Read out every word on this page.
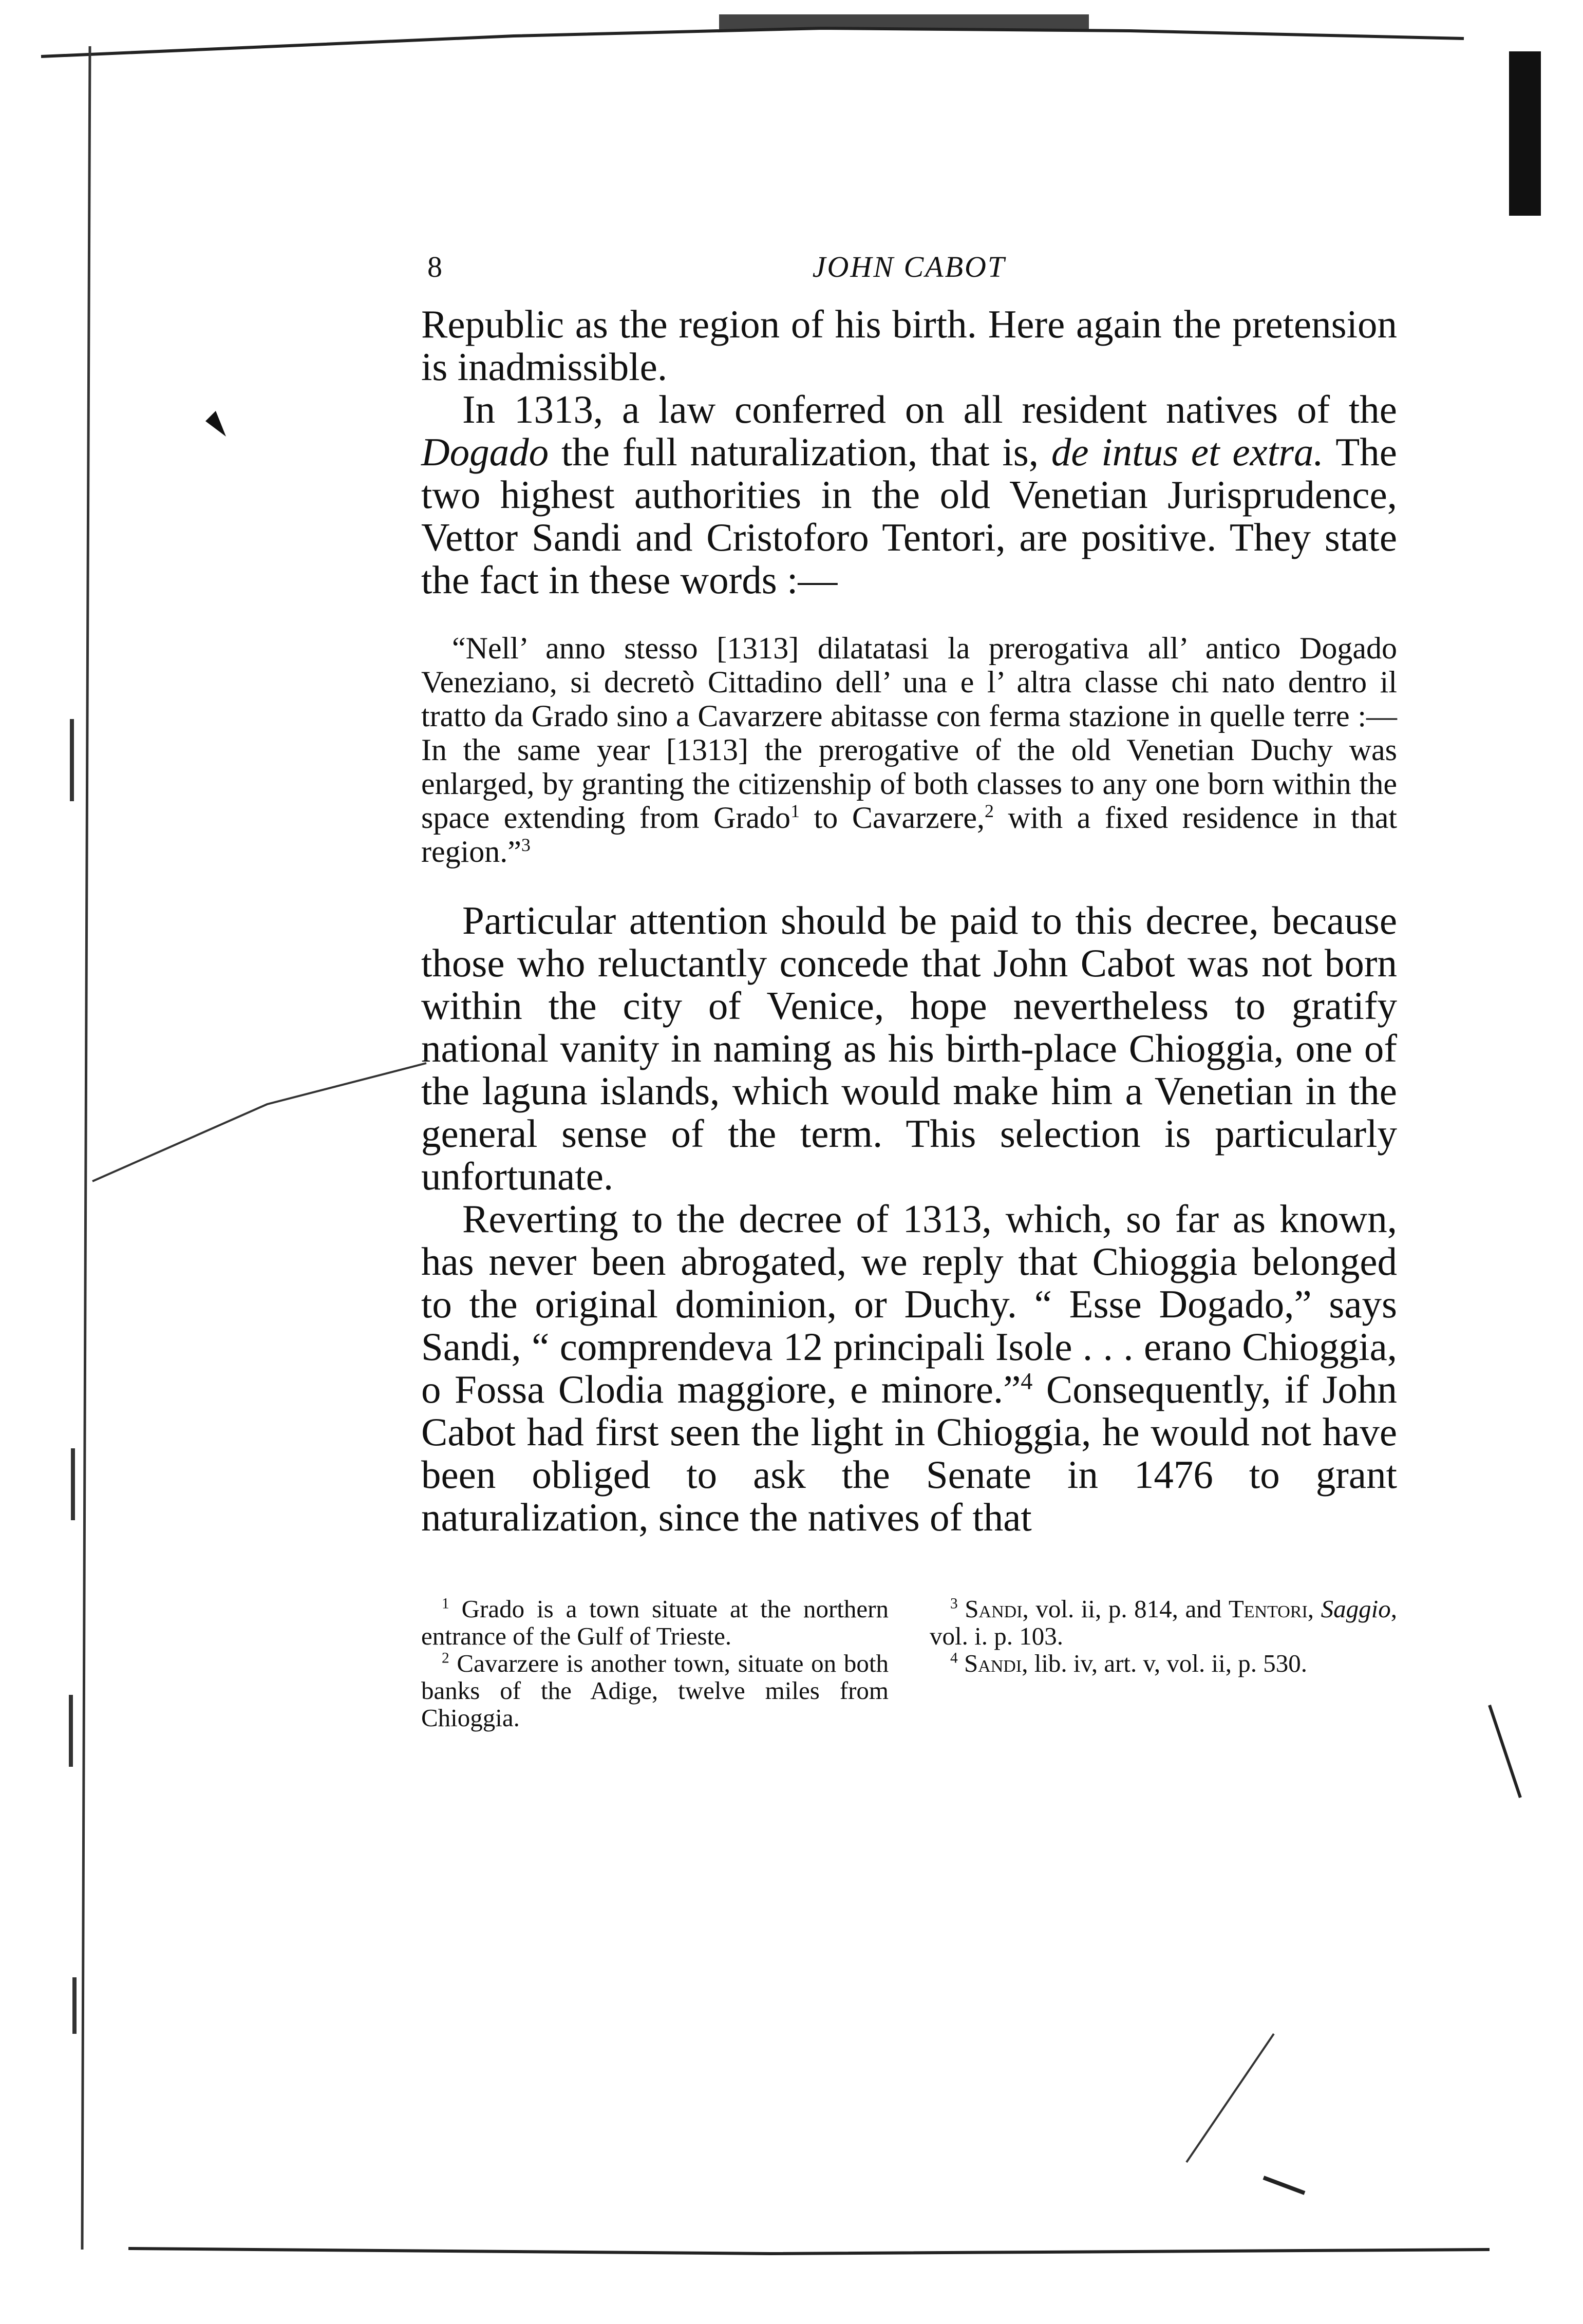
8	JOHN CABOT

Republic as the region of his birth. Here again the pretension is inadmissible.

In 1313, a law conferred on all resident natives of the Dogado the full naturalization, that is, de intus et extra. The two highest authorities in the old Venetian Jurisprudence, Vettor Sandi and Cristoforo Tentori, are positive. They state the fact in these words :—

“Nell’ anno stesso [1313] dilatatasi la prerogativa all’ antico Dogado Veneziano, si decretò Cittadino dell’ una e l’ altra classe chi nato dentro il tratto da Grado sino a Cavarzere abitasse con ferma stazione in quelle terre :—In the same year [1313] the prerogative of the old Venetian Duchy was enlarged, by granting the citizenship of both classes to any one born within the space extending from Grado$^1$ to Cavarzere,$^2$ with a fixed residence in that region.”$^3$

Particular attention should be paid to this decree, because those who reluctantly concede that John Cabot was not born within the city of Venice, hope nevertheless to gratify national vanity in naming as his birth-place Chioggia, one of the laguna islands, which would make him a Venetian in the general sense of the term. This selection is particularly unfortunate.

Reverting to the decree of 1313, which, so far as known, has never been abrogated, we reply that Chioggia belonged to the original dominion, or Duchy. “ Esse Dogado,” says Sandi, “ comprendeva 12 principali Isole . . . erano Chioggia, o Fossa Clodia maggiore, e minore.”$^4$ Consequently, if John Cabot had first seen the light in Chioggia, he would not have been obliged to ask the Senate in 1476 to grant naturalization, since the natives of that

$^1$ Grado is a town situate at the northern entrance of the Gulf of Trieste.

$^2$ Cavarzere is another town, situate on both banks of the Adige, twelve miles from Chioggia.

$^3$ Sandi, vol. ii, p. 814, and Tentori, Saggio, vol. i. p. 103.

$^4$ Sandi, lib. iv, art. v, vol. ii, p. 530.
